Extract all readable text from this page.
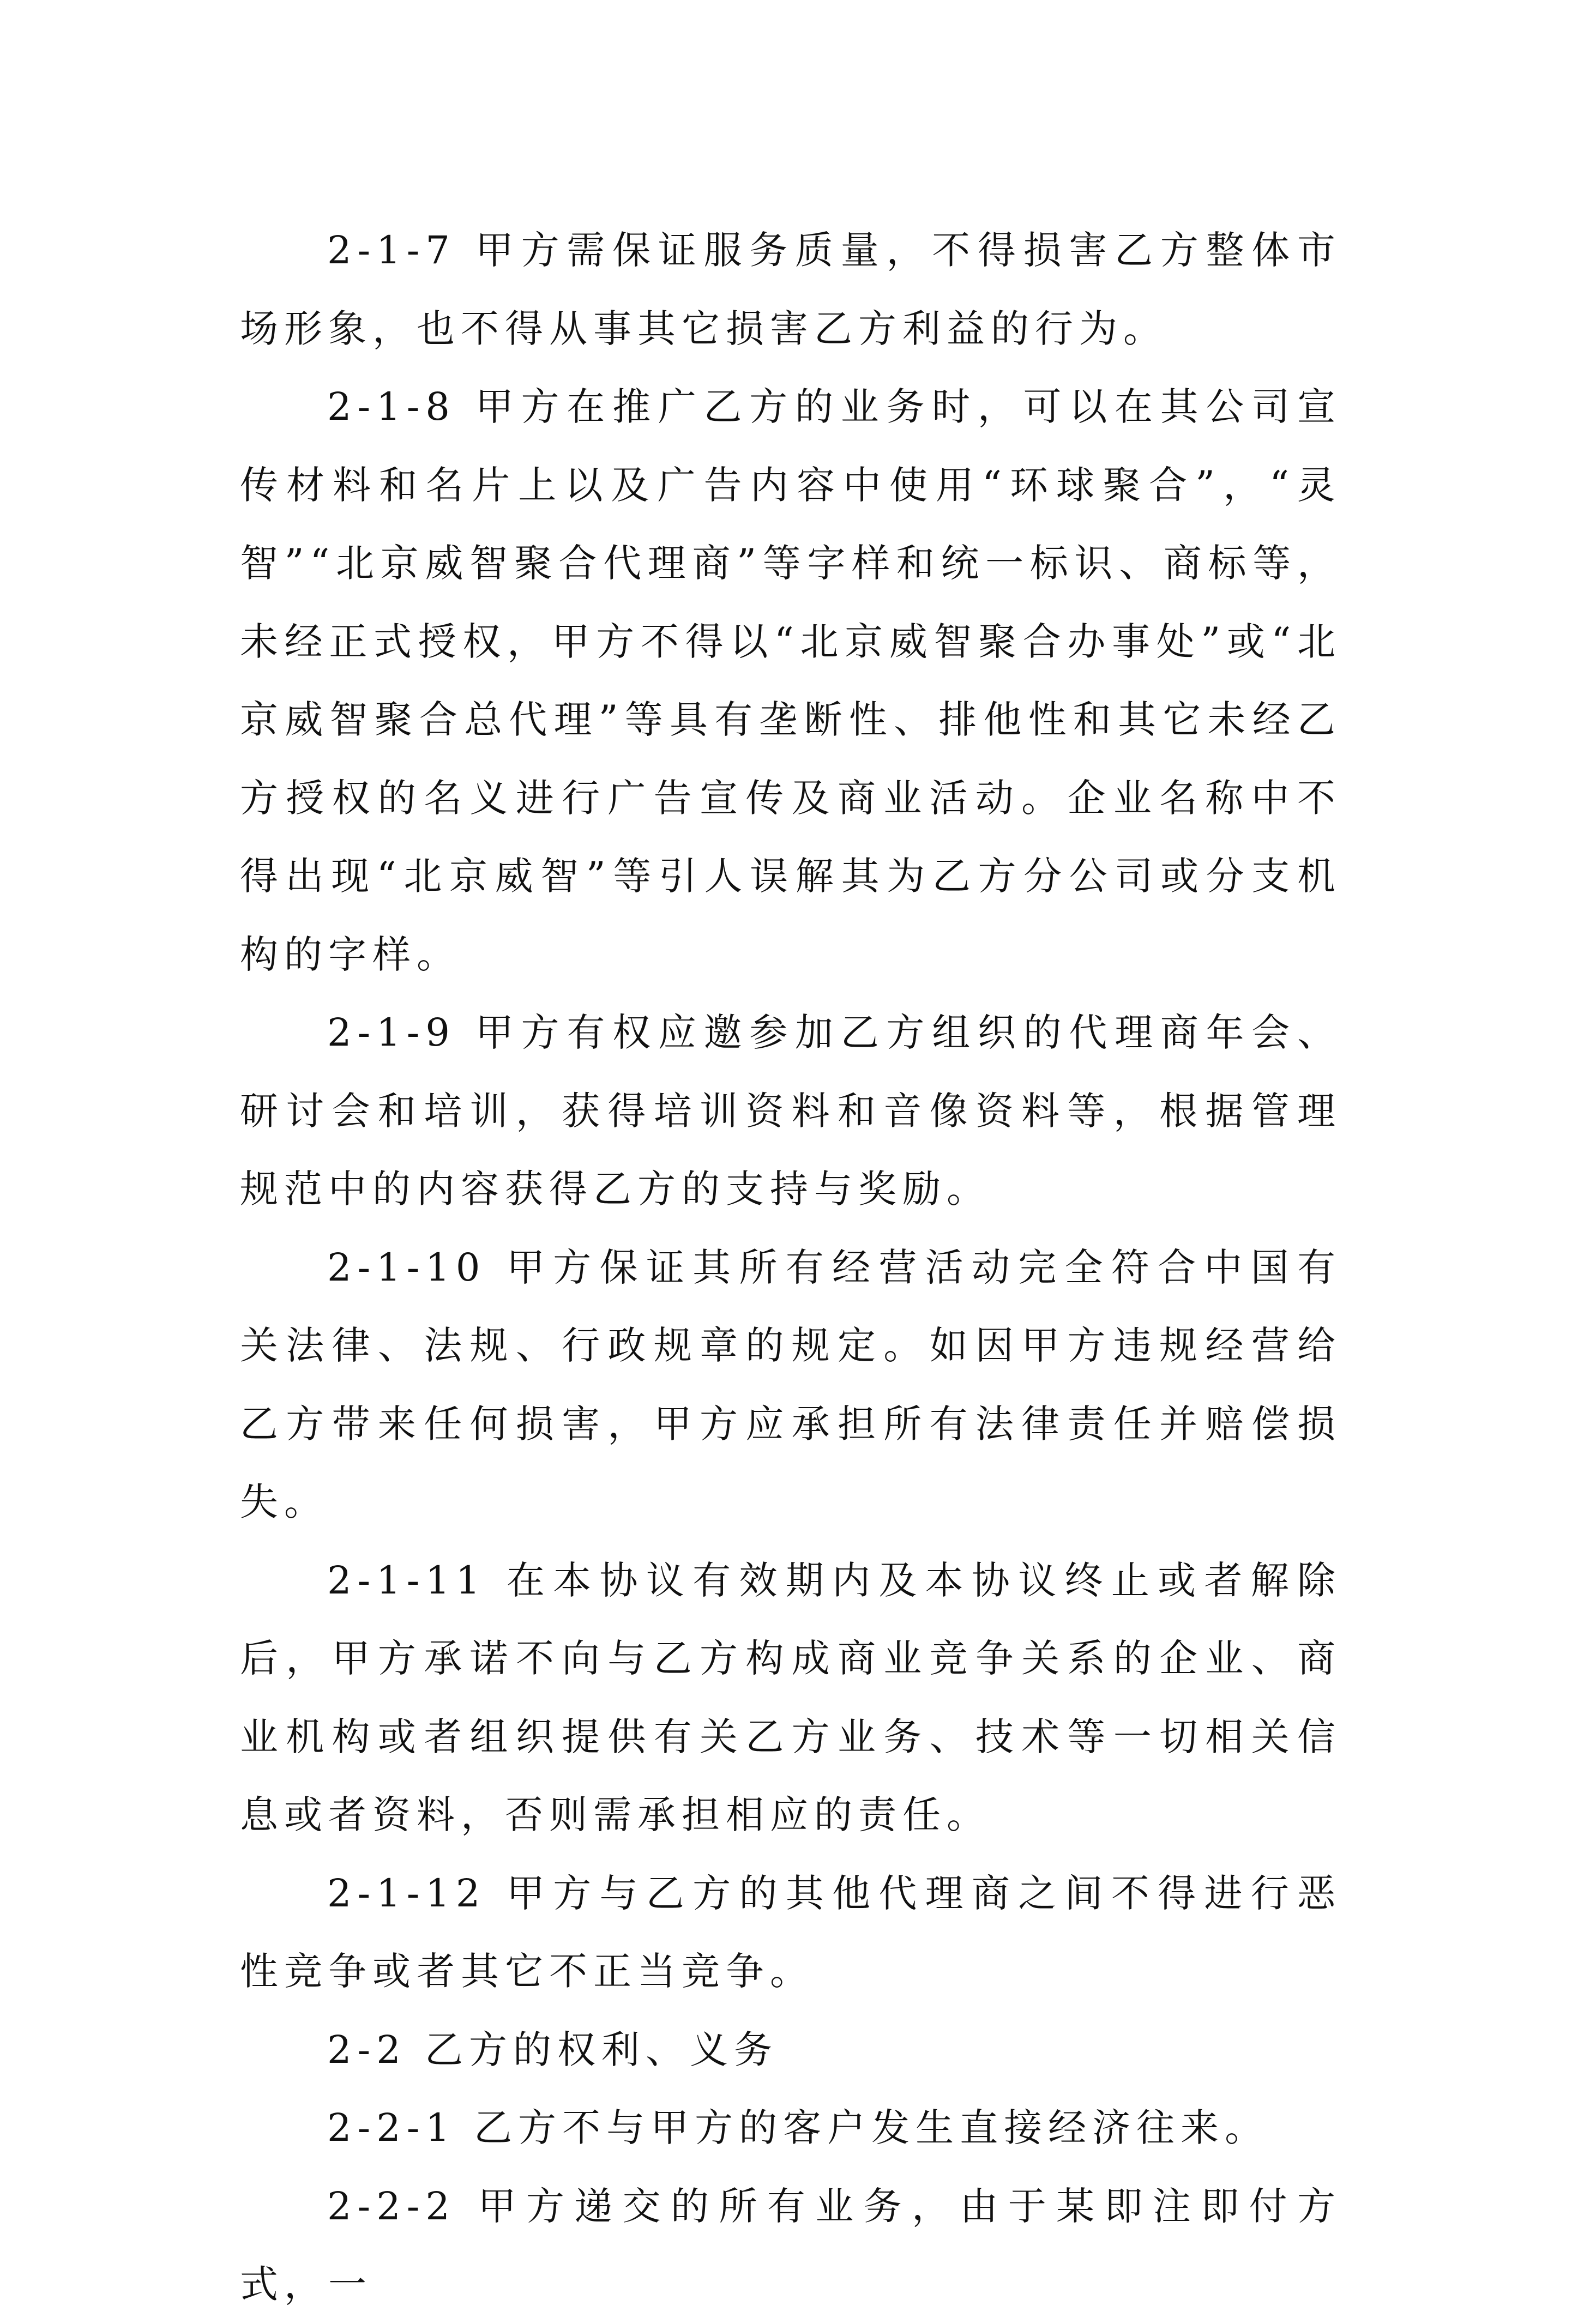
2-1-7 甲方需保证服务质量，不得损害乙方整体市场形象，也不得从事其它损害乙方利益的行为。

2-1-8 甲方在推广乙方的业务时，可以在其公司宣传材料和名片上以及广告内容中使用“环球聚合”，“灵智”“北京威智聚合代理商”等字样和统一标识、商标等，未经正式授权，甲方不得以“北京威智聚合办事处”或“北京威智聚合总代理”等具有垄断性、排他性和其它未经乙方授权的名义进行广告宣传及商业活动。企业名称中不得出现“北京威智”等引人误解其为乙方分公司或分支机构的字样。

2-1-9 甲方有权应邀参加乙方组织的代理商年会、研讨会和培训，获得培训资料和音像资料等，根据管理规范中的内容获得乙方的支持与奖励。

2-1-10 甲方保证其所有经营活动完全符合中国有关法律、法规、行政规章的规定。如因甲方违规经营给乙方带来任何损害，甲方应承担所有法律责任并赔偿损失。

2-1-11 在本协议有效期内及本协议终止或者解除后，甲方承诺不向与乙方构成商业竞争关系的企业、商业机构或者组织提供有关乙方业务、技术等一切相关信息或者资料，否则需承担相应的责任。

2-1-12 甲方与乙方的其他代理商之间不得进行恶性竞争或者其它不正当竞争。

2-2 乙方的权利、义务

2-2-1 乙方不与甲方的客户发生直接经济往来。

2-2-2 甲方递交的所有业务，由于某即注即付方式，一
